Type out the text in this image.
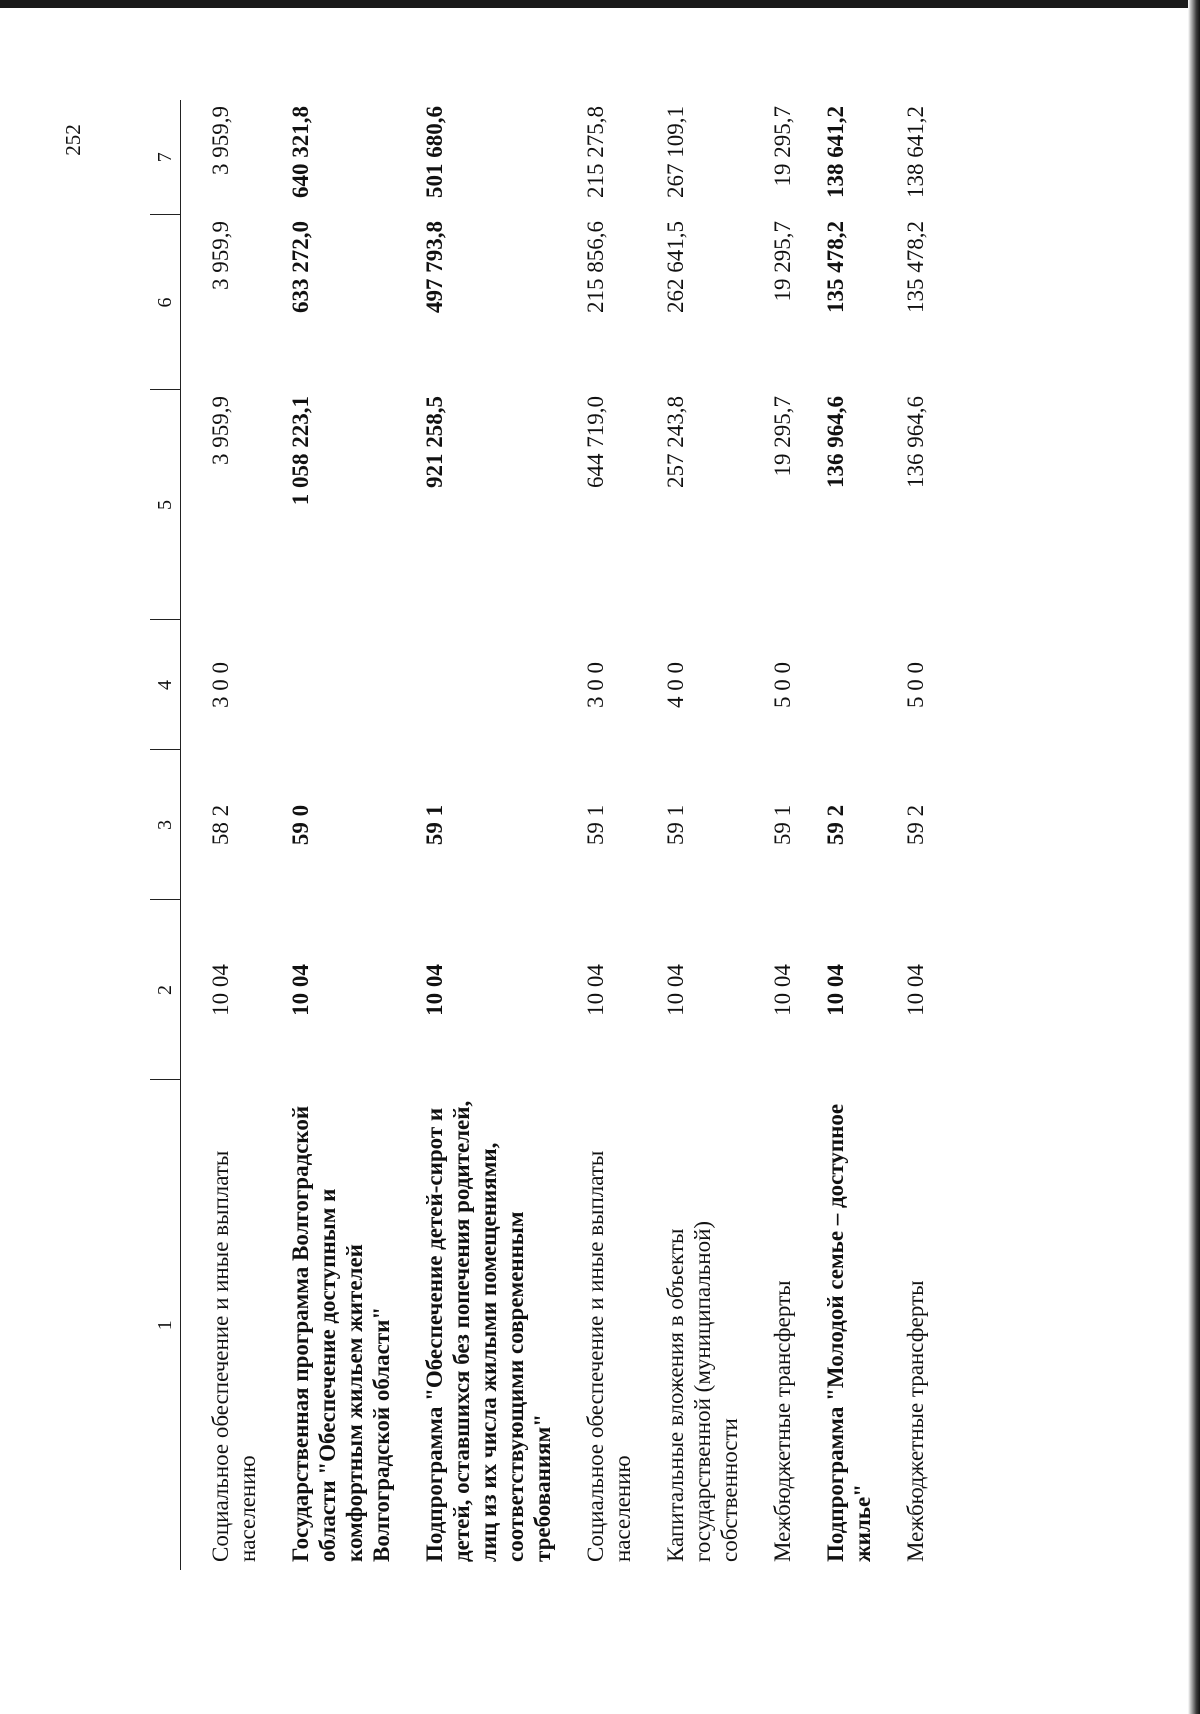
1	2	3	4	5	6	7
Социальное обеспечение и иные выплаты населению	10 04	58 2	3 0 0	3 959,9	3 959,9	3 959,9
Государственная программа Волгоградской области "Обеспечение доступным и комфортным жильем жителей Волгоградской области"	10 04	59 0		1 058 223,1	633 272,0	640 321,8
Подпрограмма "Обеспечение детей-сирот и детей, оставшихся без попечения родителей, лиц из их числа жилыми помещениями, соответствующими современным требованиям"	10 04	59 1		921 258,5	497 793,8	501 680,6
Социальное обеспечение и иные выплаты населению	10 04	59 1	3 0 0	644 719,0	215 856,6	215 275,8
Капитальные вложения в объекты государственной (муниципальной) собственности	10 04	59 1	4 0 0	257 243,8	262 641,5	267 109,1
Межбюджетные трансферты	10 04	59 1	5 0 0	19 295,7	19 295,7	19 295,7
Подпрограмма "Молодой семье – доступное жилье"	10 04	59 2		136 964,6	135 478,2	138 641,2
Межбюджетные трансферты	10 04	59 2	5 0 0	136 964,6	135 478,2	138 641,2
252
